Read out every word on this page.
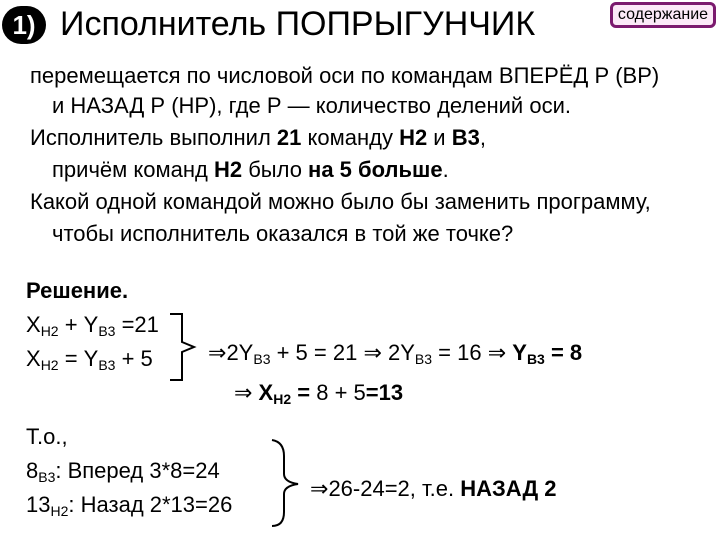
1) Исполнитель ПОПРЫГУНЧИК	содержание
перемещается по числовой оси по командам ВПЕРЁД Р (ВР)
и НАЗАД Р (НР), где Р — количество делений оси.
Исполнитель выполнил 21 команду Н2 и В3,
причём команд Н2 было на 5 больше.
Какой одной командой можно было бы заменить программу,
чтобы исполнитель оказался в той же точке?
Решение.
$X_{Н2} + Y_{В3} =21$
$X_{Н2} = Y_{В3} + 5$	$\Rightarrow 2Y_{В3} + 5 = 21$ ⇒ $2Y_{В3} = 16$ ⇒ $Y_{В3} = 8$
⇒ $X_{Н2} = 8 + 5=13$
Т.о.,
$8_{В3}$: Вперед 3*8=24
$13_{Н2}$: Назад 2*13=26
⇒26-24=2, т.е. НАЗАД 2
